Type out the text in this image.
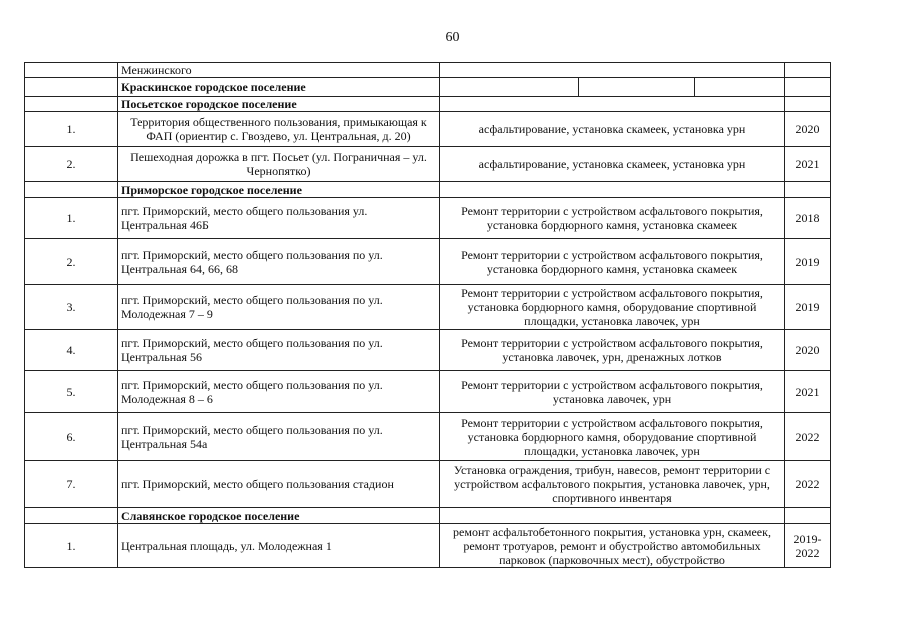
60
	Менжинского		
	Краскинское городское поселение	

	Посьетское городское поселение		
1.	Территория общественного пользования, примыкающая к ФАП (ориентир с. Гвоздево, ул. Центральная, д. 20)	асфальтирование, установка скамеек, установка урн	2020
2.	Пешеходная дорожка в пгт. Посьет (ул. Пограничная – ул. Чернопятко)	асфальтирование, установка скамеек, установка урн	2021
	Приморское городское поселение		
1.	пгт. Приморский, место общего пользования ул. Центральная 46Б	Ремонт территории с устройством асфальтового покрытия, установка бордюрного камня, установка скамеек	2018
2.	пгт. Приморский, место общего пользования по ул. Центральная 64, 66, 68	Ремонт территории с устройством асфальтового покрытия, установка бордюрного камня, установка скамеек	2019
3.	пгт. Приморский, место общего пользования по ул. Молодежная 7 – 9	Ремонт территории с устройством асфальтового покрытия, установка бордюрного камня, оборудование спортивной площадки, установка лавочек, урн	2019
4.	пгт. Приморский, место общего пользования по ул. Центральная 56	Ремонт территории с устройством асфальтового покрытия, установка лавочек, урн, дренажных лотков	2020
5.	пгт. Приморский, место общего пользования по ул. Молодежная 8 – 6	Ремонт территории с устройством асфальтового покрытия, установка лавочек, урн	2021
6.	пгт. Приморский, место общего пользования по ул. Центральная 54а	Ремонт территории с устройством асфальтового покрытия, установка бордюрного камня, оборудование спортивной площадки, установка лавочек, урн	2022
7.	пгт. Приморский, место общего пользования стадион	Установка ограждения, трибун, навесов, ремонт территории с устройством асфальтового покрытия, установка лавочек, урн, спортивного инвентаря	2022
	Славянское городское поселение		
1.	Центральная площадь, ул. Молодежная 1	ремонт асфальтобетонного покрытия, установка урн, скамеек, ремонт тротуаров, ремонт и обустройство автомобильных парковок (парковочных мест), обустройство	2019-2022
